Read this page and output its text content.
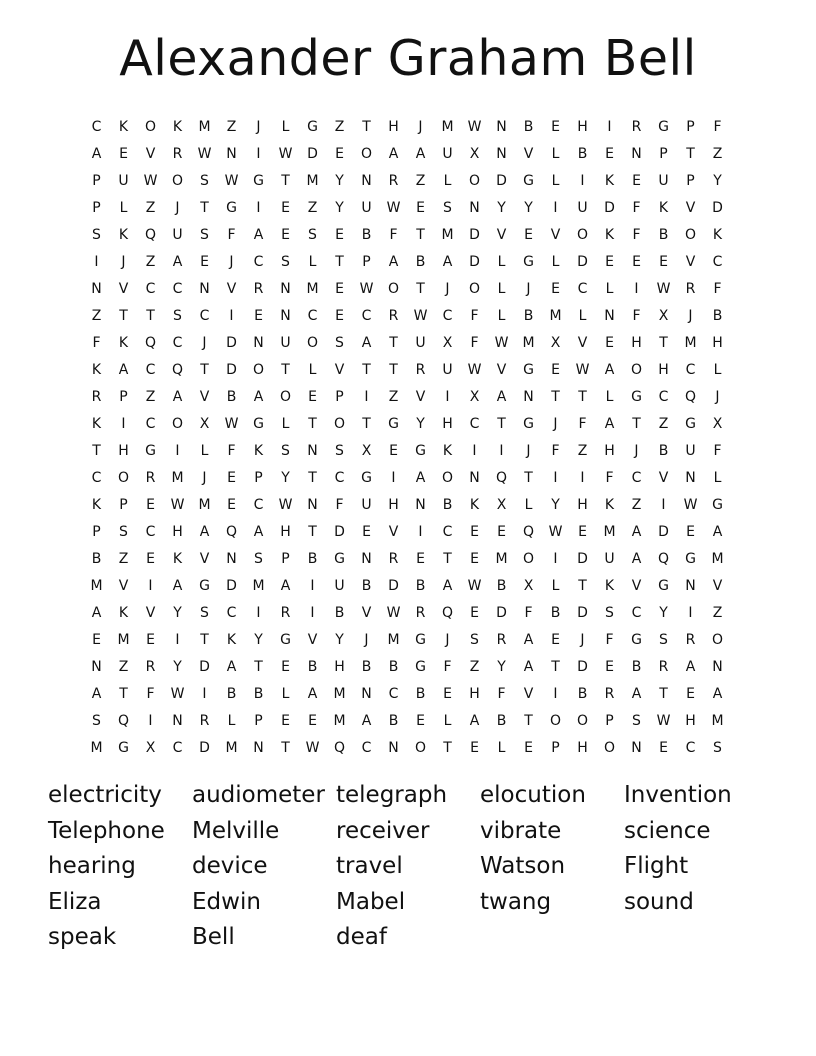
Alexander Graham Bell
C	K	O	K	M	Z	J	L	G	Z	T	H	J	M	W	N	B	E	H	I	R	G	P	F
A	E	V	R	W	N	I	W	D	E	O	A	A	U	X	N	V	L	B	E	N	P	T	Z
P	U	W	O	S	W	G	T	M	Y	N	R	Z	L	O	D	G	L	I	K	E	U	P	Y
P	L	Z	J	T	G	I	E	Z	Y	U	W	E	S	N	Y	Y	I	U	D	F	K	V	D
S	K	Q	U	S	F	A	E	S	E	B	F	T	M	D	V	E	V	O	K	F	B	O	K
I	J	Z	A	E	J	C	S	L	T	P	A	B	A	D	L	G	L	D	E	E	E	V	C
N	V	C	C	N	V	R	N	M	E	W	O	T	J	O	L	J	E	C	L	I	W	R	F
Z	T	T	S	C	I	E	N	C	E	C	R	W	C	F	L	B	M	L	N	F	X	J	B
F	K	Q	C	J	D	N	U	O	S	A	T	U	X	F	W	M	X	V	E	H	T	M	H
K	A	C	Q	T	D	O	T	L	V	T	T	R	U	W	V	G	E	W	A	O	H	C	L
R	P	Z	A	V	B	A	O	E	P	I	Z	V	I	X	A	N	T	T	L	G	C	Q	J
K	I	C	O	X	W	G	L	T	O	T	G	Y	H	C	T	G	J	F	A	T	Z	G	X
T	H	G	I	L	F	K	S	N	S	X	E	G	K	I	I	J	F	Z	H	J	B	U	F
C	O	R	M	J	E	P	Y	T	C	G	I	A	O	N	Q	T	I	I	F	C	V	N	L
K	P	E	W	M	E	C	W	N	F	U	H	N	B	K	X	L	Y	H	K	Z	I	W	G
P	S	C	H	A	Q	A	H	T	D	E	V	I	C	E	E	Q	W	E	M	A	D	E	A
B	Z	E	K	V	N	S	P	B	G	N	R	E	T	E	M	O	I	D	U	A	Q	G	M
M	V	I	A	G	D	M	A	I	U	B	D	B	A	W	B	X	L	T	K	V	G	N	V
A	K	V	Y	S	C	I	R	I	B	V	W	R	Q	E	D	F	B	D	S	C	Y	I	Z
E	M	E	I	T	K	Y	G	V	Y	J	M	G	J	S	R	A	E	J	F	G	S	R	O
N	Z	R	Y	D	A	T	E	B	H	B	B	G	F	Z	Y	A	T	D	E	B	R	A	N
A	T	F	W	I	B	B	L	A	M	N	C	B	E	H	F	V	I	B	R	A	T	E	A
S	Q	I	N	R	L	P	E	E	M	A	B	E	L	A	B	T	O	O	P	S	W	H	M
M	G	X	C	D	M	N	T	W	Q	C	N	O	T	E	L	E	P	H	O	N	E	C	S
electricity	audiometer telegraph	elocution	Invention
Telephone	Melville	receiver	vibrate	science
hearing	device	travel	Watson	Flight
Eliza	Edwin	Mabel	twang	sound
speak	Bell	deaf
